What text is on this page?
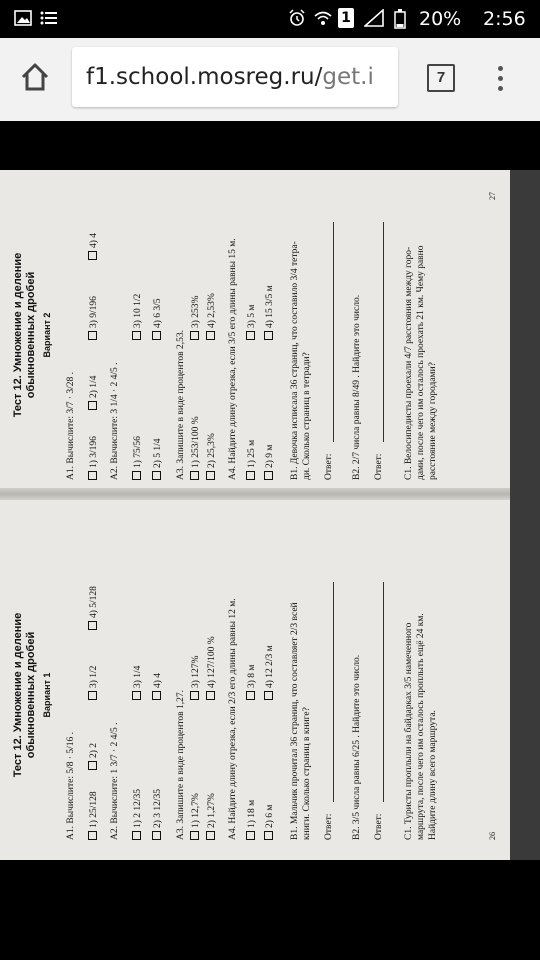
1	20% 2:56
f1.school.mosreg.ru/get.i	7
Тест 12. Умножение и деление обыкновенных дробей Вариант 1
А1. Вычислите: 5/8 · 5/16 . 1) 25/128
2) 2
3) 1/2
4) 5/128
А2. Вычислите: 1 3/7 · 2 4/5 . 1) 2 12/35
3) 1/4
2) 3 12/35
4) 4
А3. Запишите в виде процентов 1,27. 1) 12,7%
3) 127%
2) 1,27%
4) 127/100 % А4. Найдите длину отрезка, если 2/3 его длины равны 12 м. 1) 18 м
3) 8 м
2) 6 м
4) 12 2/3 м В1. Мальчик прочитал 36 страниц, что составляет 2/3 всей книги. Сколько страниц в книге? Ответ: В2. 3/5 числа равны 6/25 . Найдите это число. Ответ: С1. Туристы проплыли на байдарках 3/5 намеченного маршрута, после чего им осталось проплыть ещё 24 км. Найдите длину всего маршрута.	26
Тест 12. Умножение и деление обыкновенных дробей Вариант 2
А1. Вычислите: 3/7 · 3/28 . 1) 3/196
2) 1/4
3) 9/196
4) 4
А2. Вычислите: 3 1/4 · 2 4/5 . 1) 75/56
3) 10 1/2
2) 5 1/4
4) 6 3/5
А3. Запишите в виде процентов 2,53. 1) 253/100 %
3) 253%
2) 25,3%
4) 2,53% А4. Найдите длину отрезка, если 3/5 его длины равны 15 м. 1) 25 м
3) 5 м
2) 9 м
4) 15 3/5 м В1. Девочка исписала 36 страниц, что составило 3/4 тетра- ди. Сколько страниц в тетради? Ответ: В2. 2/7 числа равны 8/49 . Найдите это число. Ответ: С1. Велосипедисты проехали 4/7 расстояния между горо- дами, после чего им осталось проехать 21 км. Чему равно расстояние между городами?
27
